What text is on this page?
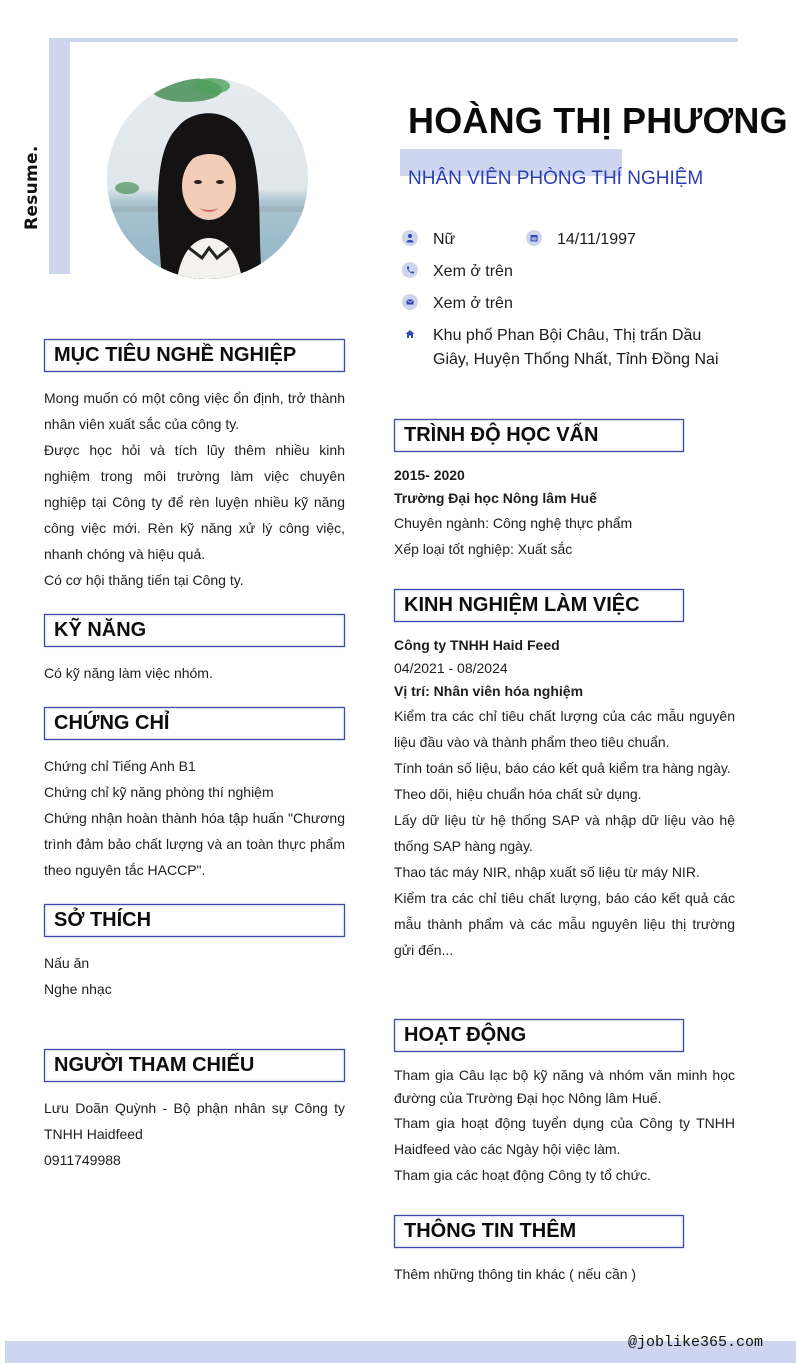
Resume.
HOÀNG THỊ PHƯƠNG
NHÂN VIÊN PHÒNG THÍ NGHIỆM
Nữ	14/11/1997
Xem ở trên
Xem ở trên
Khu phố Phan Bội Châu, Thị trấn Dầu
Giây, Huyện Thống Nhất, Tỉnh Đồng Nai
MỤC TIÊU NGHỀ NGHIỆP

Mong muốn có một công việc ổn định, trở thành nhân viên xuất sắc của công ty.

Được học hỏi và tích lũy thêm nhiều kinh nghiệm trong môi trường làm việc chuyên nghiệp tại Công ty để rèn luyện nhiều kỹ năng công việc mới. Rèn kỹ năng xử lý công việc, nhanh chóng và hiệu quả.

Có cơ hội thăng tiến tại Công ty.

KỸ NĂNG

Có kỹ năng làm việc nhóm.

CHỨNG CHỈ

Chứng chỉ Tiếng Anh B1

Chứng chỉ kỹ năng phòng thí nghiệm

Chứng nhận hoàn thành hóa tập huấn "Chương trình đảm bảo chất lượng và an toàn thực phẩm theo nguyên tắc HACCP".

SỞ THÍCH

Nấu ăn

Nghe nhạc

NGƯỜI THAM CHIẾU

Lưu Doãn Quỳnh - Bộ phận nhân sự Công ty TNHH Haidfeed

0911749988

TRÌNH ĐỘ HỌC VẤN

2015- 2020

Trường Đại học Nông lâm Huế

Chuyên ngành: Công nghệ thực phẩm

Xếp loại tốt nghiệp: Xuất sắc

KINH NGHIỆM LÀM VIỆC

Công ty TNHH Haid Feed

04/2021 - 08/2024

Vị trí: Nhân viên hóa nghiệm

Kiểm tra các chỉ tiêu chất lượng của các mẫu nguyên liệu đầu vào và thành phẩm theo tiêu chuẩn.

Tính toán số liệu, báo cáo kết quả kiểm tra hàng ngày.

Theo dõi, hiệu chuẩn hóa chất sử dụng.

Lấy dữ liệu từ hệ thống SAP và nhập dữ liệu vào hệ thống SAP hàng ngày.

Thao tác máy NIR, nhập xuất số liệu từ máy NIR.

Kiểm tra các chỉ tiêu chất lượng, báo cáo kết quả các mẫu thành phẩm và các mẫu nguyên liệu thị trường gửi đến...

HOẠT ĐỘNG

Tham gia Câu lạc bộ kỹ năng và nhóm văn minh học đường của Trường Đại học Nông lâm Huế.

Tham gia hoạt động tuyển dụng của Công ty TNHH Haidfeed vào các Ngày hội việc làm.

Tham gia các hoạt động Công ty tổ chức.

THÔNG TIN THÊM

Thêm những thông tin khác ( nếu cần )

@joblike365.com
